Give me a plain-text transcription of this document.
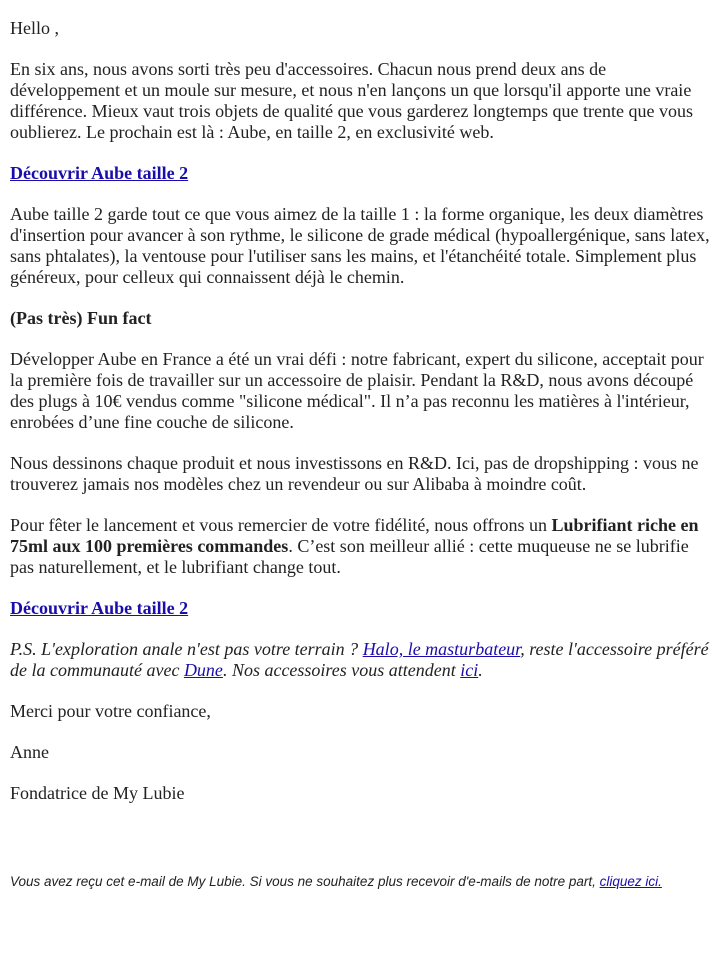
Hello ,

En six ans, nous avons sorti très peu d'accessoires. Chacun nous prend deux ans de développement et un moule sur mesure, et nous n'en lançons un que lorsqu'il apporte une vraie différence. Mieux vaut trois objets de qualité que vous garderez longtemps que trente que vous oublierez. Le prochain est là : Aube, en taille 2, en exclusivité web.

Découvrir Aube taille 2

Aube taille 2 garde tout ce que vous aimez de la taille 1 : la forme organique, les deux diamètres d'insertion pour avancer à son rythme, le silicone de grade médical (hypoallergénique, sans latex, sans phtalates), la ventouse pour l'utiliser sans les mains, et l'étanchéité totale. Simplement plus généreux, pour celleux qui connaissent déjà le chemin.

(Pas très) Fun fact

Développer Aube en France a été un vrai défi : notre fabricant, expert du silicone, acceptait pour la première fois de travailler sur un accessoire de plaisir. Pendant la R&D, nous avons découpé des plugs à 10€ vendus comme "silicone médical". Il n’a pas reconnu les matières à l'intérieur, enrobées d’une fine couche de silicone.

Nous dessinons chaque produit et nous investissons en R&D. Ici, pas de dropshipping : vous ne trouverez jamais nos modèles chez un revendeur ou sur Alibaba à moindre coût.

Pour fêter le lancement et vous remercier de votre fidélité, nous offrons un Lubrifiant riche en 75ml aux 100 premières commandes. C’est son meilleur allié : cette muqueuse ne se lubrifie pas naturellement, et le lubrifiant change tout.

Découvrir Aube taille 2

P.S. L'exploration anale n'est pas votre terrain ? Halo, le masturbateur, reste l'accessoire préféré de la communauté avec Dune. Nos accessoires vous attendent ici.

Merci pour votre confiance,

Anne

Fondatrice de My Lubie

Vous avez reçu cet e-mail de My Lubie. Si vous ne souhaitez plus recevoir d'e-mails de notre part, cliquez ici.
